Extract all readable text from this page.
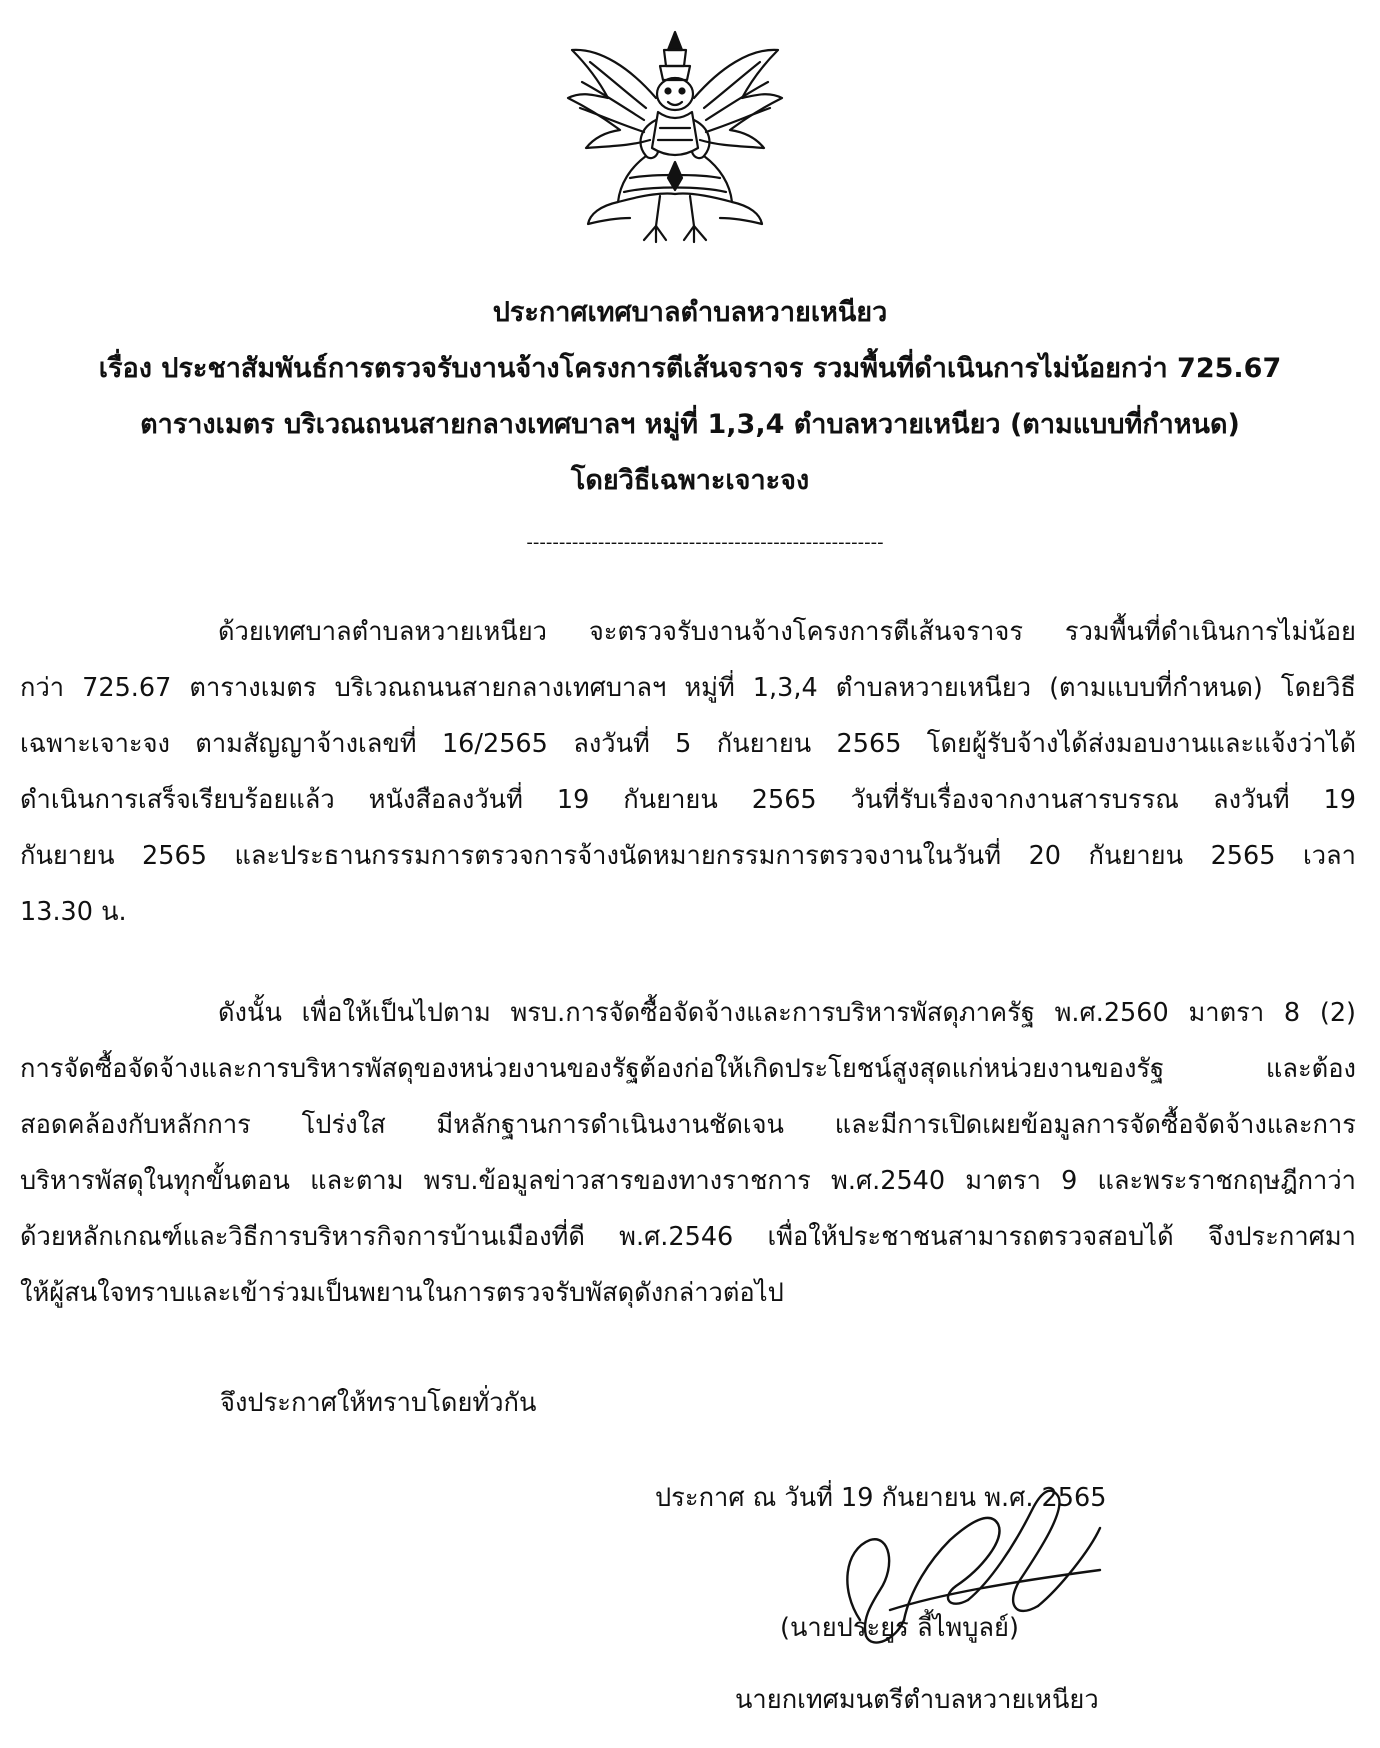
ประกาศเทศบาลตำบลหวายเหนียว
เรื่อง ประชาสัมพันธ์การตรวจรับงานจ้างโครงการตีเส้นจราจร รวมพื้นที่ดำเนินการไม่น้อยกว่า 725.67
ตารางเมตร บริเวณถนนสายกลางเทศบาลฯ หมู่ที่ 1,3,4 ตำบลหวายเหนียว (ตามแบบที่กำหนด)
โดยวิธีเฉพาะเจาะจง
-------------------------------------------------------
ด้วยเทศบาลตำบลหวายเหนียว จะตรวจรับงานจ้างโครงการตีเส้นจราจร รวมพื้นที่ดำเนินการไม่น้อย
กว่า 725.67 ตารางเมตร บริเวณถนนสายกลางเทศบาลฯ หมู่ที่ 1,3,4 ตำบลหวายเหนียว (ตามแบบที่กำหนด) โดยวิธี
เฉพาะเจาะจง ตามสัญญาจ้างเลขที่ 16/2565 ลงวันที่ 5 กันยายน 2565 โดยผู้รับจ้างได้ส่งมอบงานและแจ้งว่าได้
ดำเนินการเสร็จเรียบร้อยแล้ว หนังสือลงวันที่ 19 กันยายน 2565 วันที่รับเรื่องจากงานสารบรรณ ลงวันที่ 19
กันยายน 2565 และประธานกรรมการตรวจการจ้างนัดหมายกรรมการตรวจงานในวันที่ 20 กันยายน 2565 เวลา
13.30 น.
ดังนั้น เพื่อให้เป็นไปตาม พรบ.การจัดซื้อจัดจ้างและการบริหารพัสดุภาครัฐ พ.ศ.2560 มาตรา 8 (2)
การจัดซื้อจัดจ้างและการบริหารพัสดุของหน่วยงานของรัฐต้องก่อให้เกิดประโยชน์สูงสุดแก่หน่วยงานของรัฐ และต้อง
สอดคล้องกับหลักการ โปร่งใส มีหลักฐานการดำเนินงานชัดเจน และมีการเปิดเผยข้อมูลการจัดซื้อจัดจ้างและการ
บริหารพัสดุในทุกขั้นตอน และตาม พรบ.ข้อมูลข่าวสารของทางราชการ พ.ศ.2540 มาตรา 9 และพระราชกฤษฎีกาว่า
ด้วยหลักเกณฑ์และวิธีการบริหารกิจการบ้านเมืองที่ดี พ.ศ.2546 เพื่อให้ประชาชนสามารถตรวจสอบได้ จึงประกาศมา
ให้ผู้สนใจทราบและเข้าร่วมเป็นพยานในการตรวจรับพัสดุดังกล่าวต่อไป
จึงประกาศให้ทราบโดยทั่วกัน
ประกาศ ณ วันที่ 19 กันยายน พ.ศ. 2565
(นายประยูร ลี้ไพบูลย์)
นายกเทศมนตรีตำบลหวายเหนียว
